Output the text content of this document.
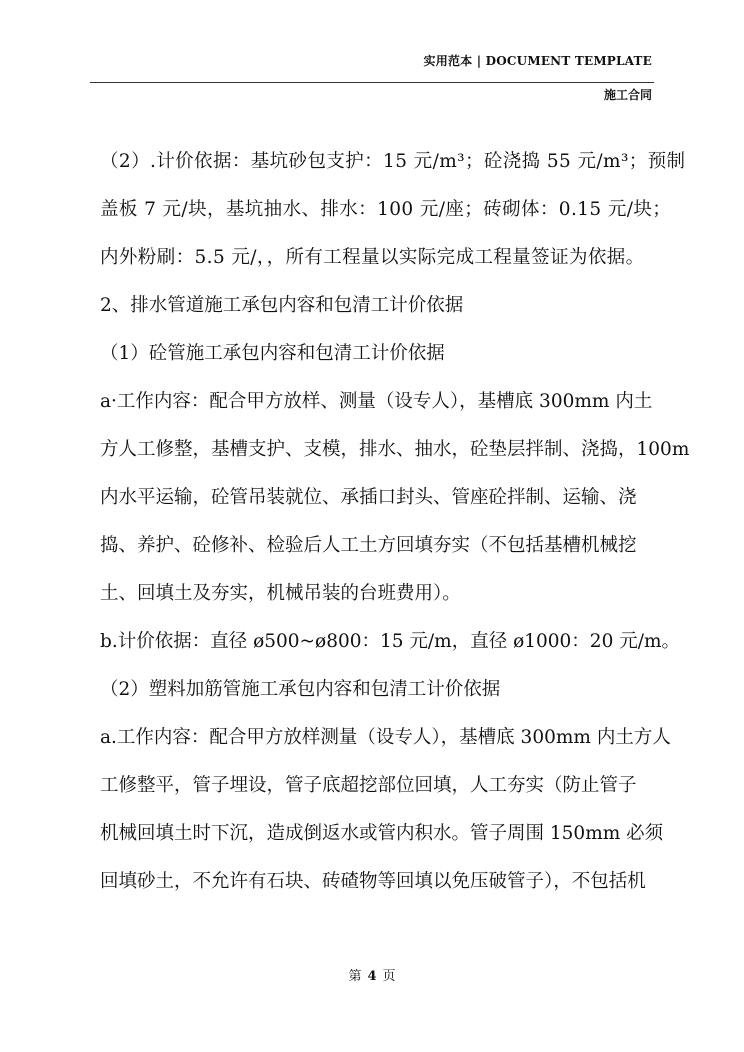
实用范本 | DOCUMENT TEMPLATE
施工合同
（2）.计价依据：基坑砂包支护：15 元/m³；砼浇捣 55 元/m³；预制
盖板 7 元/块，基坑抽水、排水：100 元/座；砖砌体：0.15 元/块；
内外粉刷：5.5 元/，，所有工程量以实际完成工程量签证为依据。
2、排水管道施工承包内容和包清工计价依据
（1）砼管施工承包内容和包清工计价依据
a·工作内容：配合甲方放样、测量（设专人），基槽底 300mm 内土
方人工修整，基槽支护、支模，排水、抽水，砼垫层拌制、浇捣，100m
内水平运输，砼管吊装就位、承插口封头、管座砼拌制、运输、浇
捣、养护、砼修补、检验后人工土方回填夯实（不包括基槽机械挖
土、回填土及夯实，机械吊装的台班费用）。
b.计价依据：直径 ø500~ø800：15 元/m，直径 ø1000：20 元/m。
（2）塑料加筋管施工承包内容和包清工计价依据
a.工作内容：配合甲方放样测量（设专人），基槽底 300mm 内土方人
工修整平，管子埋设，管子底超挖部位回填，人工夯实（防止管子
机械回填土时下沉，造成倒返水或管内积水。管子周围 150mm 必须
回填砂土，不允许有石块、砖碴物等回填以免压破管子），不包括机
第 4 页
